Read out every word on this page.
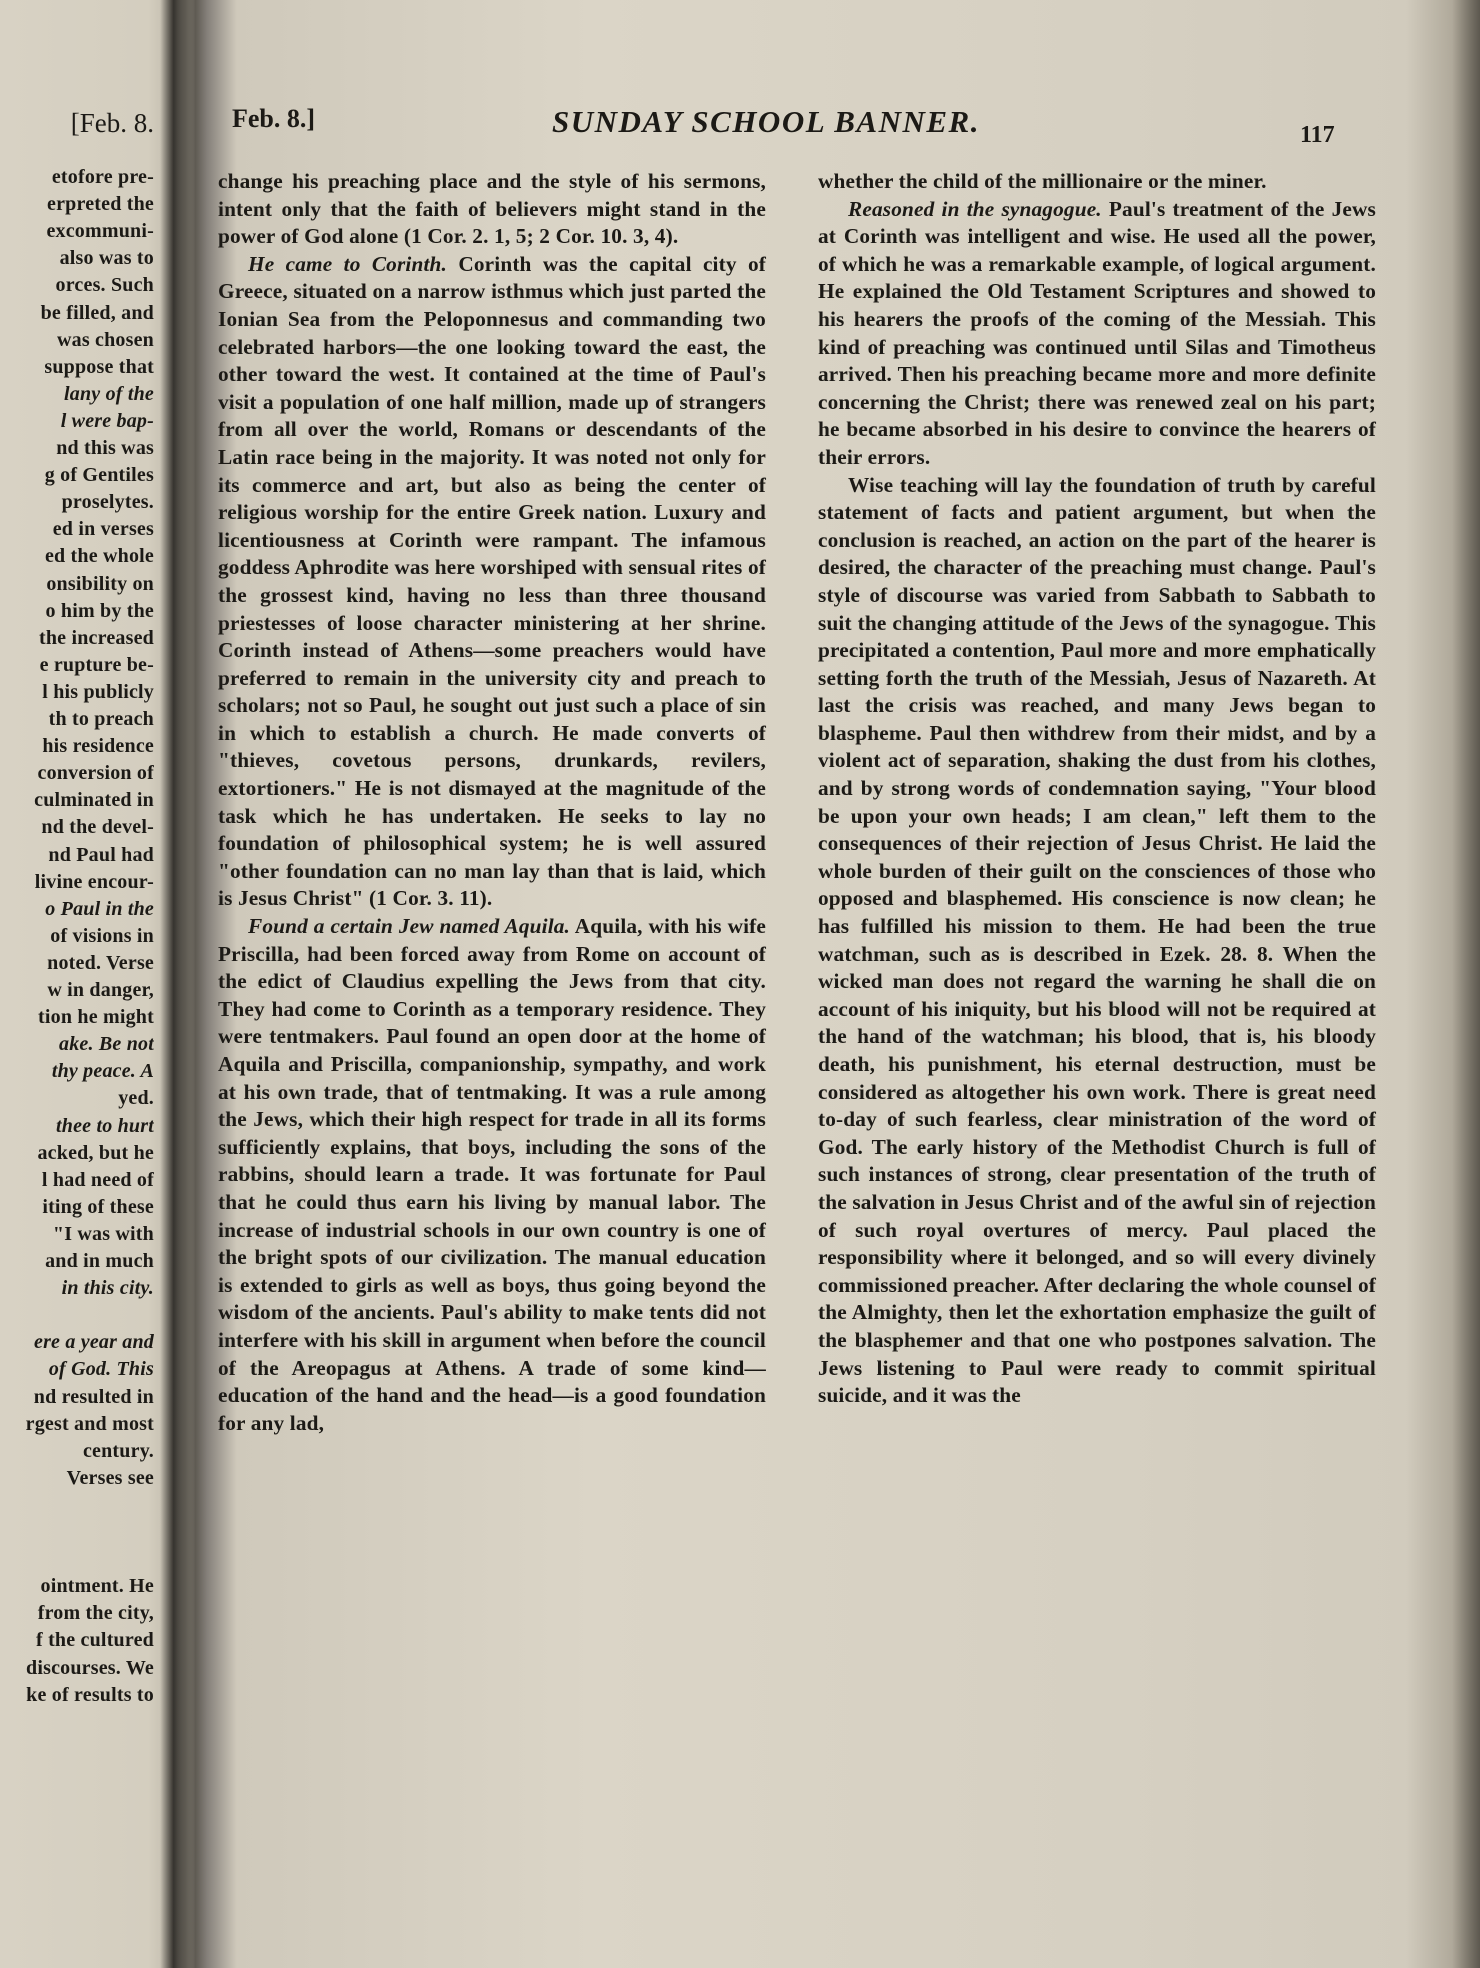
[Feb. 8.
etofore pre-
erpreted the
excommuni-
also was to
orces. Such
be filled, and
was chosen
suppose that
lany of the
l were bap-
nd this was
g of Gentiles
proselytes.
ed in verses
ed the whole
onsibility on
o him by the
the increased
e rupture be-
l his publicly
th to preach
his residence
conversion of
culminated in
nd the devel-
nd Paul had
livine encour-
o Paul in the
of visions in
noted. Verse
w in danger,
tion he might
ake. Be not
thy peace. A
yed.
thee to hurt
acked, but he
l had need of
iting of these
"I was with
and in much
in this city.
ere a year and
of God. This
nd resulted in
rgest and most
century.
Verses see
ointment. He
from the city,
f the cultured
discourses. We
ke of results to
Feb. 8.]	SUNDAY SCHOOL BANNER.	117

change his preaching place and the style of his sermons, intent only that the faith of believers might stand in the power of God alone (1 Cor. 2. 1, 5; 2 Cor. 10. 3, 4).

He came to Corinth. Corinth was the capital city of Greece, situated on a narrow isthmus which just parted the Ionian Sea from the Peloponnesus and commanding two celebrated harbors—the one looking toward the east, the other toward the west. It contained at the time of Paul's visit a population of one half million, made up of strangers from all over the world, Romans or descendants of the Latin race being in the majority. It was noted not only for its commerce and art, but also as being the center of religious worship for the entire Greek nation. Luxury and licentiousness at Corinth were rampant. The infamous goddess Aphrodite was here worshiped with sensual rites of the grossest kind, having no less than three thousand priestesses of loose character ministering at her shrine. Corinth instead of Athens—some preachers would have preferred to remain in the university city and preach to scholars; not so Paul, he sought out just such a place of sin in which to establish a church. He made converts of "thieves, covetous persons, drunkards, revilers, extortioners." He is not dismayed at the magnitude of the task which he has undertaken. He seeks to lay no foundation of philosophical system; he is well assured "other foundation can no man lay than that is laid, which is Jesus Christ" (1 Cor. 3. 11).

Found a certain Jew named Aquila. Aquila, with his wife Priscilla, had been forced away from Rome on account of the edict of Claudius expelling the Jews from that city. They had come to Corinth as a temporary residence. They were tentmakers. Paul found an open door at the home of Aquila and Priscilla, companionship, sympathy, and work at his own trade, that of tentmaking. It was a rule among the Jews, which their high respect for trade in all its forms sufficiently explains, that boys, including the sons of the rabbins, should learn a trade. It was fortunate for Paul that he could thus earn his living by manual labor. The increase of industrial schools in our own country is one of the bright spots of our civilization. The manual education is extended to girls as well as boys, thus going beyond the wisdom of the ancients. Paul's ability to make tents did not interfere with his skill in argument when before the council of the Areopagus at Athens. A trade of some kind—education of the hand and the head—is a good foundation for any lad,

whether the child of the millionaire or the miner.

Reasoned in the synagogue. Paul's treatment of the Jews at Corinth was intelligent and wise. He used all the power, of which he was a remarkable example, of logical argument. He explained the Old Testament Scriptures and showed to his hearers the proofs of the coming of the Messiah. This kind of preaching was continued until Silas and Timotheus arrived. Then his preaching became more and more definite concerning the Christ; there was renewed zeal on his part; he became absorbed in his desire to convince the hearers of their errors.

Wise teaching will lay the foundation of truth by careful statement of facts and patient argument, but when the conclusion is reached, an action on the part of the hearer is desired, the character of the preaching must change. Paul's style of discourse was varied from Sabbath to Sabbath to suit the changing attitude of the Jews of the synagogue. This precipitated a contention, Paul more and more emphatically setting forth the truth of the Messiah, Jesus of Nazareth. At last the crisis was reached, and many Jews began to blaspheme. Paul then withdrew from their midst, and by a violent act of separation, shaking the dust from his clothes, and by strong words of condemnation saying, "Your blood be upon your own heads; I am clean," left them to the consequences of their rejection of Jesus Christ. He laid the whole burden of their guilt on the consciences of those who opposed and blasphemed. His conscience is now clean; he has fulfilled his mission to them. He had been the true watchman, such as is described in Ezek. 28. 8. When the wicked man does not regard the warning he shall die on account of his iniquity, but his blood will not be required at the hand of the watchman; his blood, that is, his bloody death, his punishment, his eternal destruction, must be considered as altogether his own work. There is great need to-day of such fearless, clear ministration of the word of God. The early history of the Methodist Church is full of such instances of strong, clear presentation of the truth of the salvation in Jesus Christ and of the awful sin of rejection of such royal overtures of mercy. Paul placed the responsibility where it belonged, and so will every divinely commissioned preacher. After declaring the whole counsel of the Almighty, then let the exhortation emphasize the guilt of the blasphemer and that one who postpones salvation. The Jews listening to Paul were ready to commit spiritual suicide, and it was the
